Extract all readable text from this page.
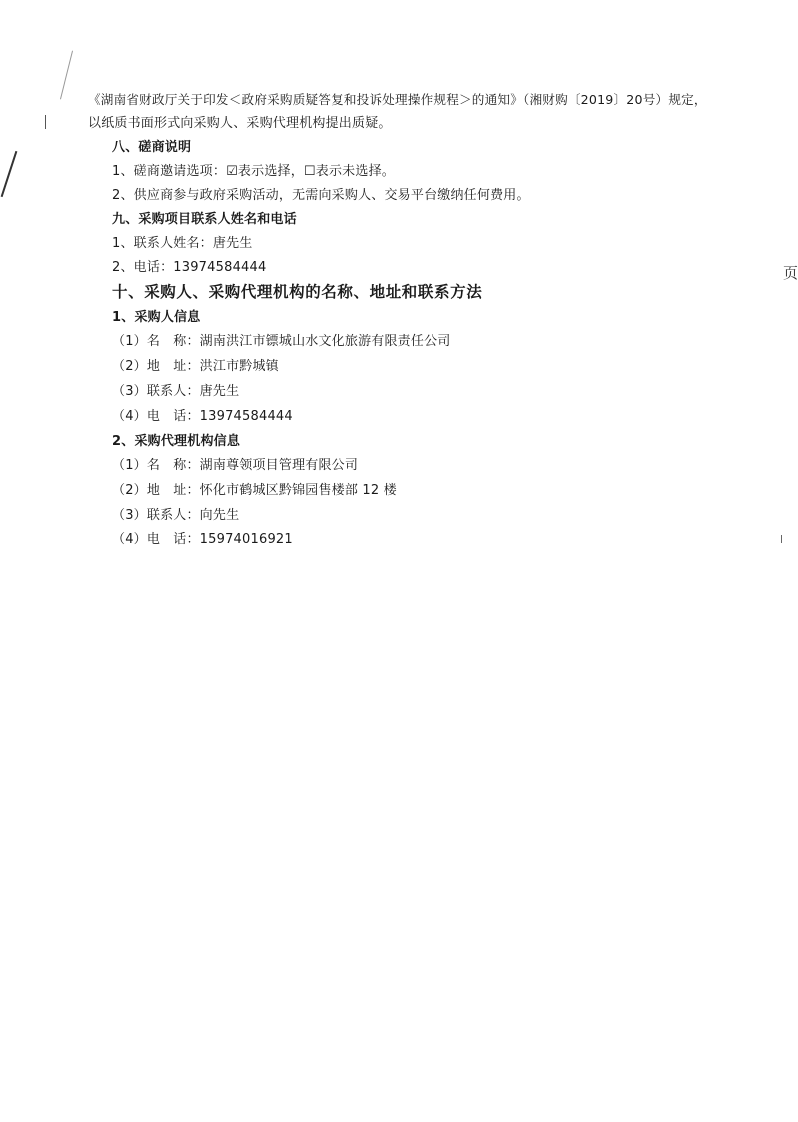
《湖南省财政厅关于印发＜政府采购质疑答复和投诉处理操作规程＞的通知》（湘财购〔2019〕20号）规定，
以纸质书面形式向采购人、采购代理机构提出质疑。
八、磋商说明
1、磋商邀请选项：☑表示选择，☐表示未选择。
2、供应商参与政府采购活动，无需向采购人、交易平台缴纳任何费用。
九、采购项目联系人姓名和电话
1、联系人姓名：唐先生
2、电话：13974584444	页
十、采购人、采购代理机构的名称、地址和联系方法
1、采购人信息
（1）名　称：湖南洪江市镖城山水文化旅游有限责任公司
（2）地　址：洪江市黔城镇
（3）联系人：唐先生
（4）电　话：13974584444
2、采购代理机构信息
（1）名　称：湖南尊领项目管理有限公司
（2）地　址：怀化市鹤城区黔锦园售楼部 12 楼
（3）联系人：向先生
（4）电　话：15974016921
